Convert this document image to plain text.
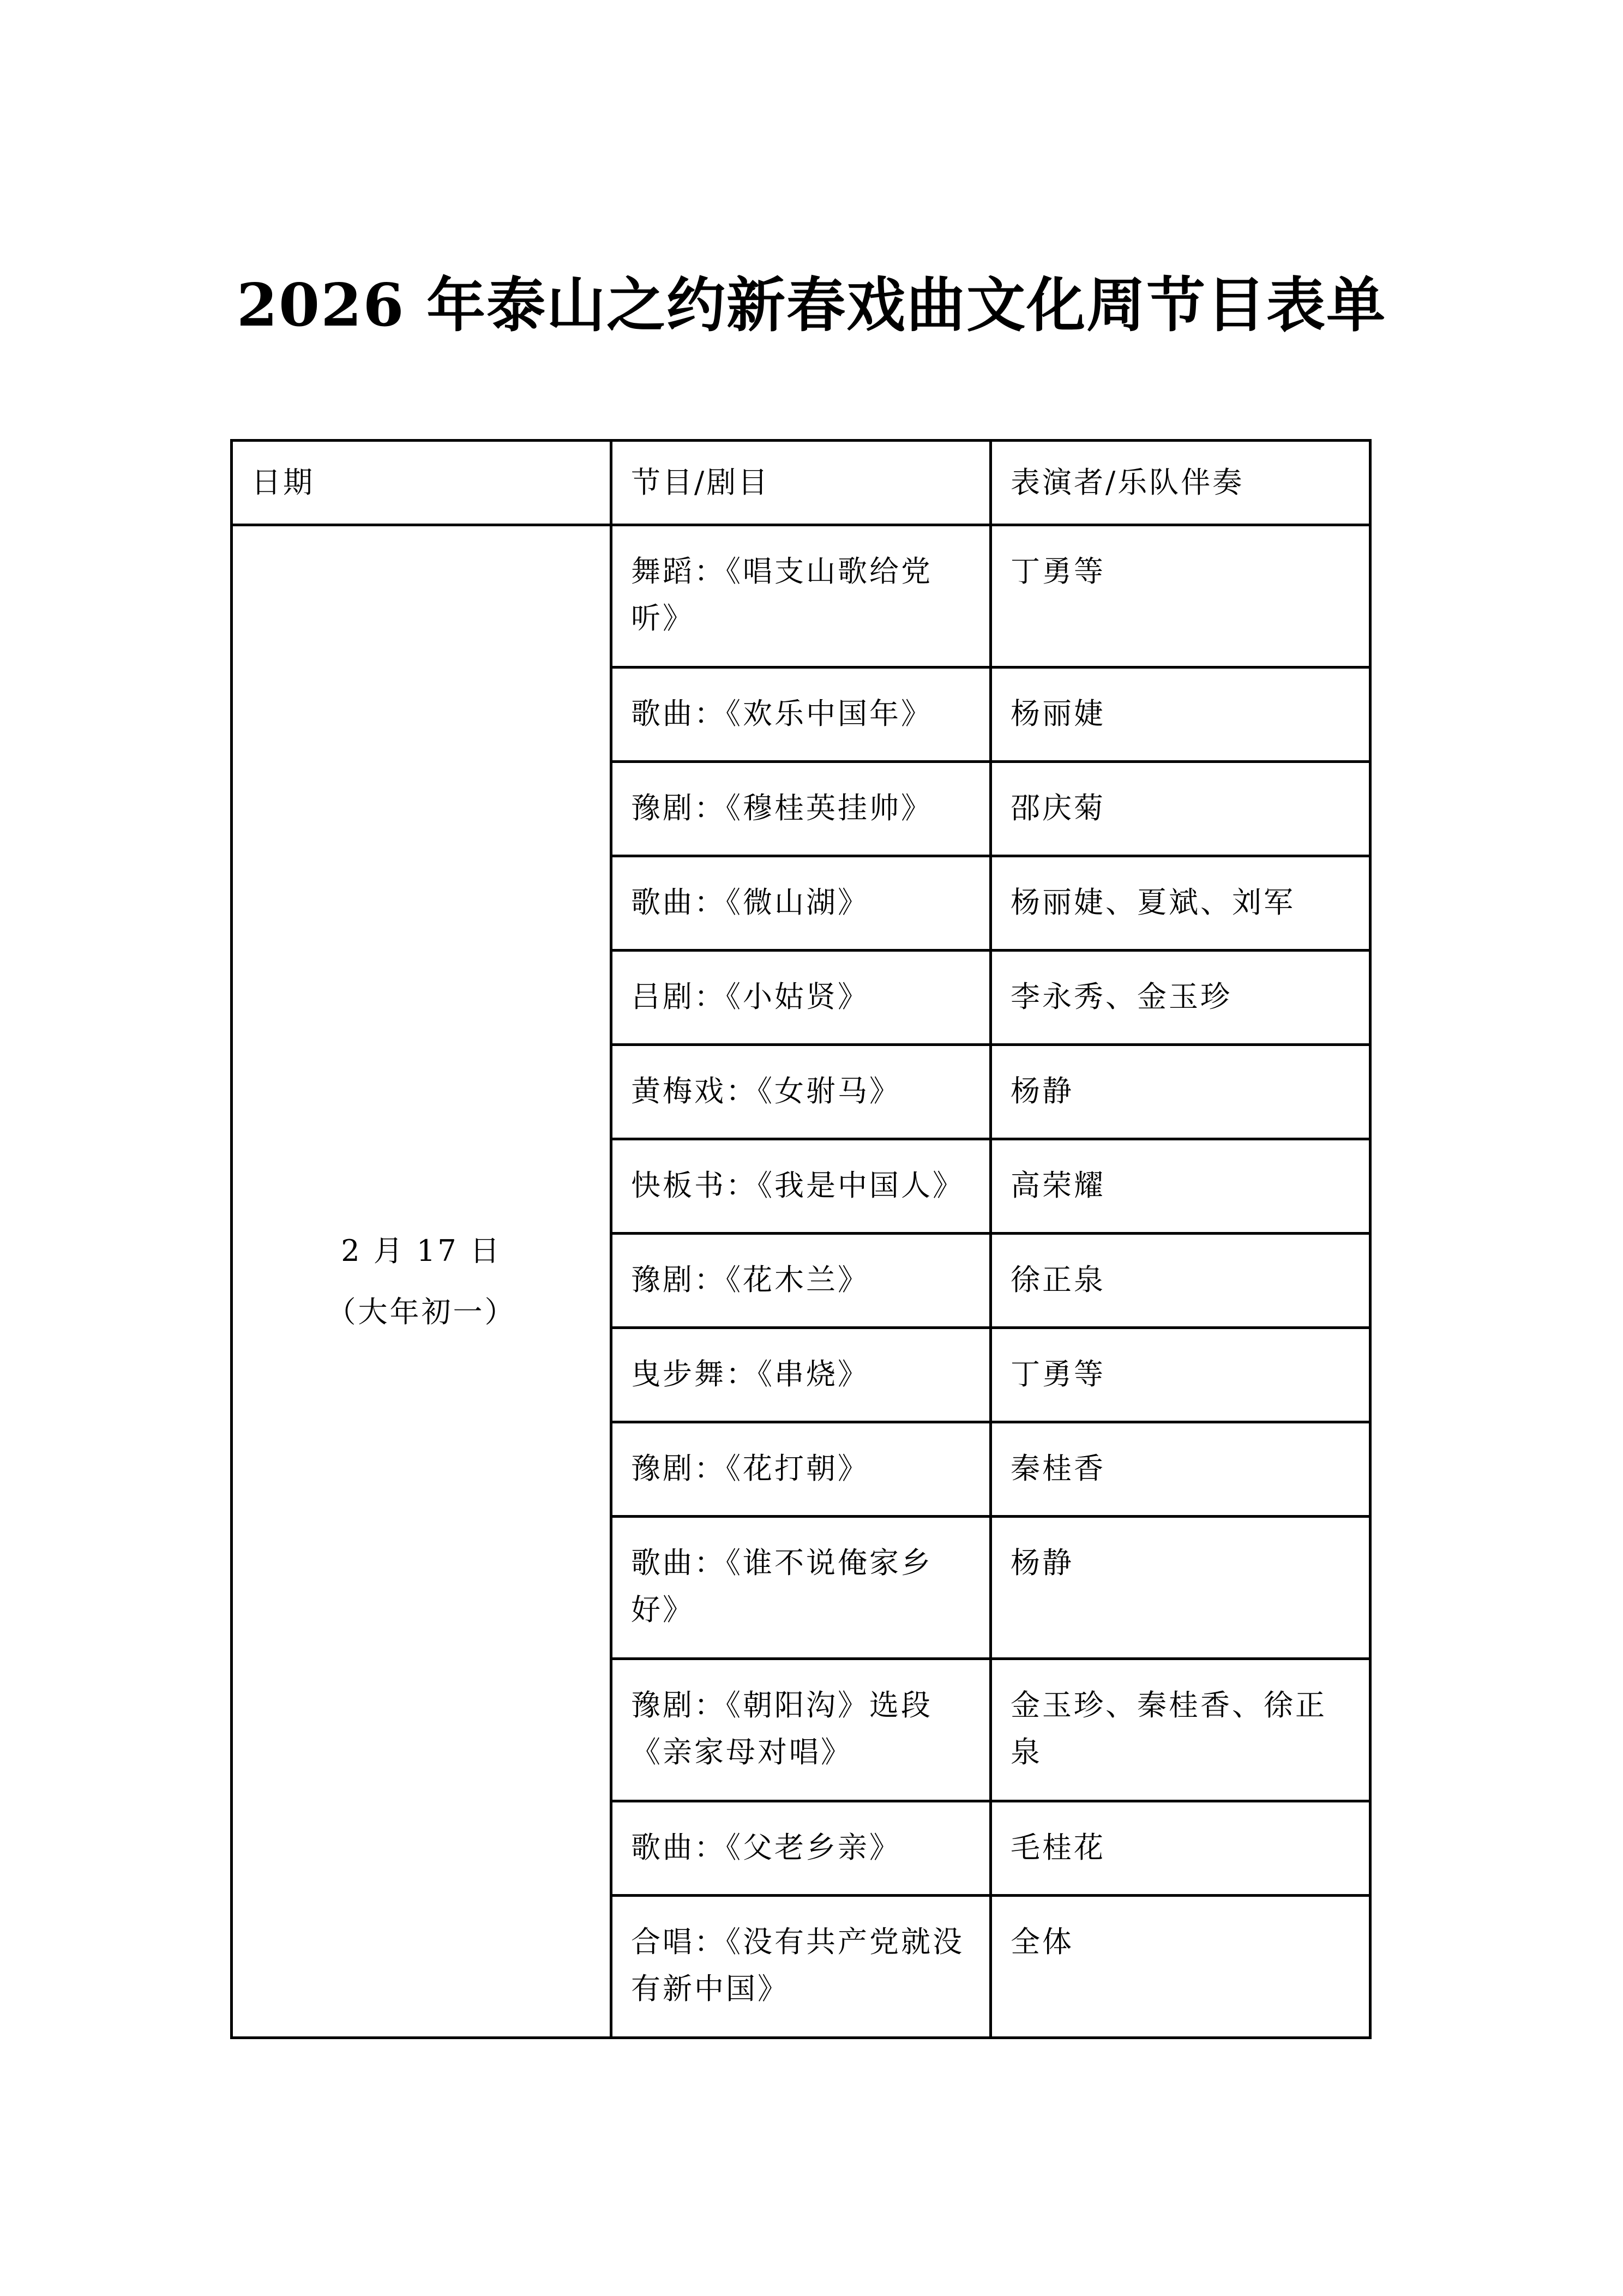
2026 年泰山之约新春戏曲文化周节目表单
日期	节目/剧目	表演者/乐队伴奏

2 月 17 日
（大年初一）	舞蹈：《唱支山歌给党听》	丁勇等
	歌曲：《欢乐中国年》	杨丽婕
	豫剧：《穆桂英挂帅》	邵庆菊
	歌曲：《微山湖》	杨丽婕、夏斌、刘军
	吕剧：《小姑贤》	李永秀、金玉珍
	黄梅戏：《女驸马》	杨静
	快板书：《我是中国人》	高荣耀
	豫剧：《花木兰》	徐正泉
	曳步舞：《串烧》	丁勇等
	豫剧：《花打朝》	秦桂香
	歌曲：《谁不说俺家乡好》	杨静
	豫剧：《朝阳沟》选段《亲家母对唱》	金玉珍、秦桂香、徐正泉
	歌曲：《父老乡亲》	毛桂花
	合唱：《没有共产党就没有新中国》	全体
